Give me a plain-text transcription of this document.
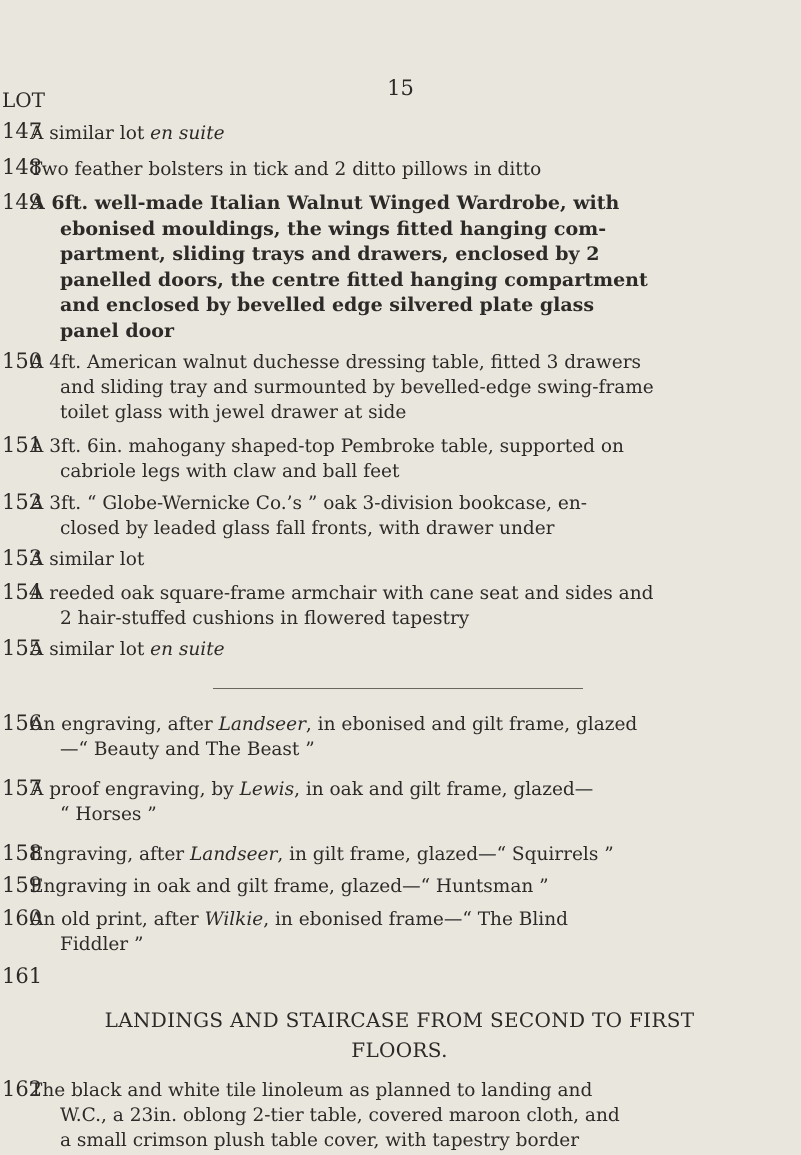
15
LOT
147
A similar lot en suite
148
Two feather bolsters in tick and 2 ditto pillows in ditto
149
A 6ft. well-made Italian Walnut Winged Wardrobe, with
ebonised mouldings, the wings fitted hanging com-
partment, sliding trays and drawers, enclosed by 2
panelled doors, the centre fitted hanging compartment
and enclosed by bevelled edge silvered plate glass
panel door
150
A 4ft. American walnut duchesse dressing table, fitted 3 drawers
and sliding tray and surmounted by bevelled-edge swing-frame
toilet glass with jewel drawer at side
151
A 3ft. 6in. mahogany shaped-top Pembroke table, supported on
cabriole legs with claw and ball feet
152
A 3ft. “ Globe-Wernicke Co.’s ” oak 3-division bookcase, en-
closed by leaded glass fall fronts, with drawer under
153
A similar lot
154
A reeded oak square-frame armchair with cane seat and sides and
2 hair-stuffed cushions in flowered tapestry
155
A similar lot en suite
156
An engraving, after Landseer, in ebonised and gilt frame, glazed
—“ Beauty and The Beast ”
157
A proof engraving, by Lewis, in oak and gilt frame, glazed—
“ Horses ”
158
Engraving, after Landseer, in gilt frame, glazed—“ Squirrels ”
159
Engraving in oak and gilt frame, glazed—“ Huntsman ”
160
An old print, after Wilkie, in ebonised frame—“ The Blind
Fiddler ”
161
LANDINGS AND STAIRCASE FROM SECOND TO FIRST
FLOORS.
162
The black and white tile linoleum as planned to landing and
W.C., a 23in. oblong 2-tier table, covered maroon cloth, and
a small crimson plush table cover, with tapestry border
